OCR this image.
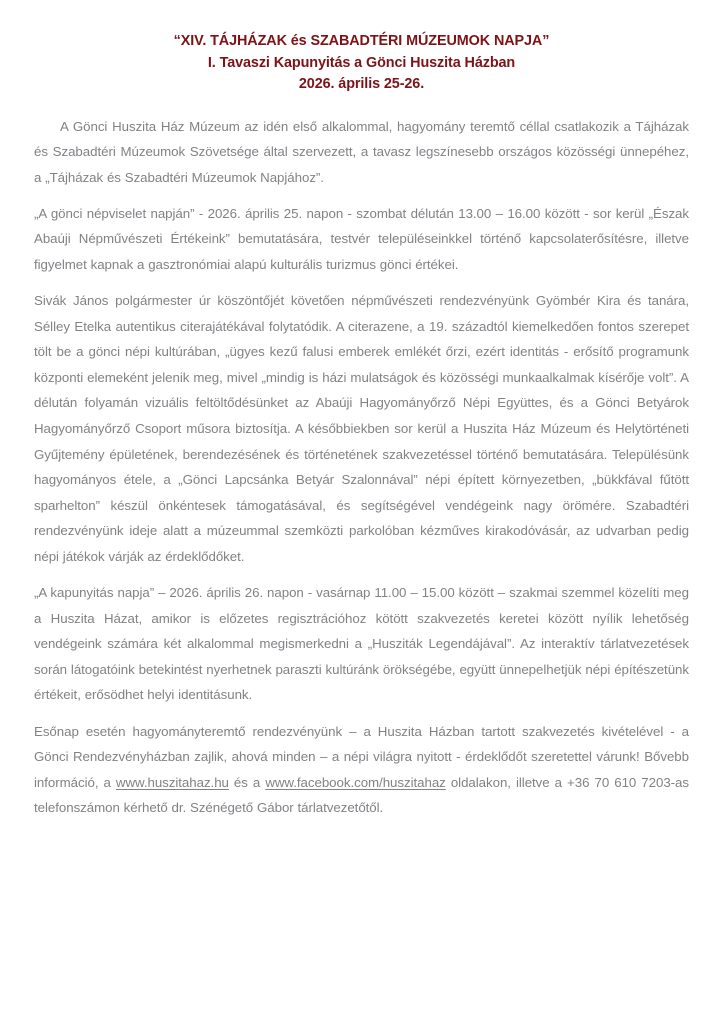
“XIV. TÁJHÁZAK és SZABADTÉRI MÚZEUMOK NAPJA”
I. Tavaszi Kapunyitás a Gönci Huszita Házban
2026. április 25-26.

A Gönci Huszita Ház Múzeum az idén első alkalommal, hagyomány teremtő céllal csatlakozik a Tájházak és Szabadtéri Múzeumok Szövetsége által szervezett, a tavasz legszínesebb országos közösségi ünnepéhez, a „Tájházak és Szabadtéri Múzeumok Napjához”.

„A gönci népviselet napján” - 2026. április 25. napon - szombat délután 13.00 – 16.00 között - sor kerül „Észak Abaúji Népművészeti Értékeink” bemutatására, testvér településeinkkel történő kapcsolaterősítésre, illetve figyelmet kapnak a gasztronómiai alapú kulturális turizmus gönci értékei.

Sivák János polgármester úr köszöntőjét követően népművészeti rendezvényünk Gyömbér Kira és tanára, Sélley Etelka autentikus citerajátékával folytatódik. A citerazene, a 19. századtól kiemelkedően fontos szerepet tölt be a gönci népi kultúrában, „ügyes kezű falusi emberek emlékét őrzi, ezért identitás - erősítő programunk központi elemeként jelenik meg, mivel „mindig is házi mulatságok és közösségi munkaalkalmak kísérője volt”. A délután folyamán vizuális feltöltődésünket az Abaúji Hagyományőrző Népi Együttes, és a Gönci Betyárok Hagyományőrző Csoport műsora biztosítja. A későbbiekben sor kerül a Huszita Ház Múzeum és Helytörténeti Gyűjtemény épületének, berendezésének és történetének szakvezetéssel történő bemutatására. Településünk hagyományos étele, a „Gönci Lapcsánka Betyár Szalonnával” népi épített környezetben, „bükkfával fűtött sparhelton” készül önkéntesek támogatásával, és segítségével vendégeink nagy örömére. Szabadtéri rendezvényünk ideje alatt a múzeummal szemközti parkolóban kézműves kirakodóvásár, az udvarban pedig népi játékok várják az érdeklődőket.

„A kapunyitás napja” – 2026. április 26. napon - vasárnap 11.00 – 15.00 között – szakmai szemmel közelíti meg a Huszita Házat, amikor is előzetes regisztrációhoz kötött szakvezetés keretei között nyílik lehetőség vendégeink számára két alkalommal megismerkedni a „Husziták Legendájával”. Az interaktív tárlatvezetések során látogatóink betekintést nyerhetnek paraszti kultúránk örökségébe, együtt ünnepelhetjük népi építészetünk értékeit, erősödhet helyi identitásunk.

Esőnap esetén hagyományteremtő rendezvényünk – a Huszita Házban tartott szakvezetés kivételével - a Gönci Rendezvényházban zajlik, ahová minden – a népi világra nyitott - érdeklődőt szeretettel várunk! Bővebb információ, a www.huszitahaz.hu és a www.facebook.com/huszitahaz oldalakon, illetve a +36 70 610 7203-as telefonszámon kérhető dr. Szénégető Gábor tárlatvezetőtől.
